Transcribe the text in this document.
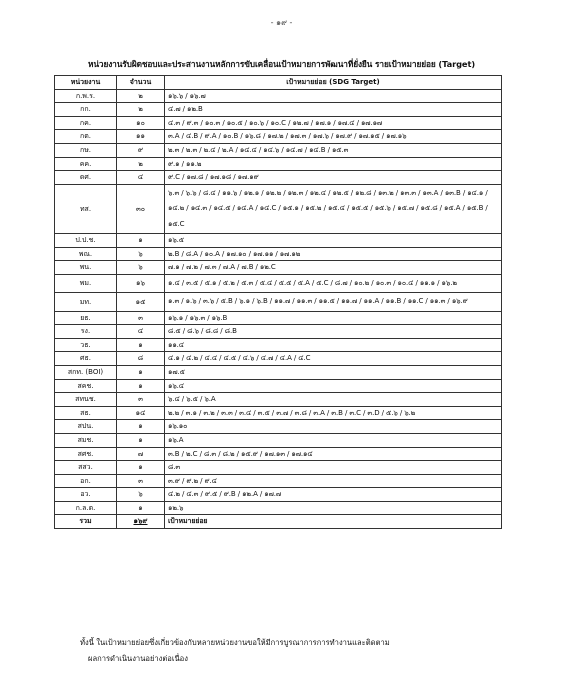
- ๑๙ -
หน่วยงานรับผิดชอบและประสานงานหลักการขับเคลื่อนเป้าหมายการพัฒนาที่ยั่งยืน รายเป้าหมายย่อย (Target)
หน่วยงาน	จำนวน	เป้าหมายย่อย (SDG Target)
ก.พ.ร.	๒	๑๖.๖ / ๑๖.๗
กก.	๒	๔.๗ / ๑๒.B
กค.	๑๐	๔.๓ / ๙.๓ / ๑๐.๓ / ๑๐.๕ / ๑๐.๖ / ๑๐.C / ๑๒.๗ / ๑๗.๑ / ๑๗.๔ / ๑๗.๑๗
กต.	๑๑	๓.A / ๔.B / ๙.A / ๑๐.B / ๑๖.๘ / ๑๗.๒ / ๑๗.๓ / ๑๗.๖ / ๑๗.๙ / ๑๗.๑๕ / ๑๗.๑๖
กษ.	๙	๒.๓ / ๒.๓ / ๒.๔ / ๒.A / ๑๔.๔ / ๑๔.๖ / ๑๔.๗ / ๑๔.B / ๑๕.๓
คค.	๒	๙.๑ / ๑๑.๒
ดศ.	๔	๙.C / ๑๗.๘ / ๑๗.๑๘ / ๑๗.๑๙
ทส.	๓๐	๖.๓ / ๖.๖ / ๘.๔ / ๑๑.๖ / ๑๒.๑ / ๑๒.๒ / ๑๒.๓ / ๑๒.๔ / ๑๒.๕ / ๑๒.๘ / ๑๓.๒ / ๑๓.๓ / ๑๓.A / ๑๓.B / ๑๔.๑ / ๑๔.๒ / ๑๔.๓ / ๑๔.๕ / ๑๔.A / ๑๔.C / ๑๕.๑ / ๑๕.๒ / ๑๕.๔ / ๑๕.๕ / ๑๕.๖ / ๑๕.๗ / ๑๕.๘ / ๑๕.A / ๑๕.B / ๑๕.C
ป.ป.ช.	๑	๑๖.๕
พณ.	๖	๒.B / ๘.A / ๑๐.A / ๑๗.๑๐ / ๑๗.๑๑ / ๑๗.๑๒
พน.	๖	๗.๑ / ๗.๒ / ๗.๓ / ๗.A / ๗.B / ๑๒.C
พม.	๑๖	๑.๔ / ๓.๕ / ๕.๑ / ๕.๒ / ๕.๓ / ๕.๔ / ๕.๕ / ๕.A / ๕.C / ๘.๗ / ๑๐.๒ / ๑๐.๓ / ๑๐.๔ / ๑๑.๑ / ๑๖.๒
มท.	๑๕	๑.๓ / ๑.๖ / ๓.๖ / ๕.B / ๖.๑ / ๖.B / ๑๑.๗ / ๑๑.๓ / ๑๑.๕ / ๑๑.๗ / ๑๑.A / ๑๑.B / ๑๑.C / ๑๑.๓ / ๑๖.๙
ยธ.	๓	๑๖.๑ / ๑๖.๓ / ๑๖.B
รง.	๔	๘.๕ / ๘.๖ / ๘.๘ / ๘.B
วธ.	๑	๑๑.๔
ศธ.	๘	๔.๑ / ๔.๒ / ๔.๔ / ๔.๕ / ๔.๖ / ๔.๗ / ๔.A / ๔.C
สกท. (BOI)	๑	๑๗.๕
สคช.	๑	๑๖.๔
สทนช.	๓	๖.๔ / ๖.๕ / ๖.A
สธ.	๑๔	๒.๒ / ๓.๑ / ๓.๒ / ๓.๓ / ๓.๔ / ๓.๕ / ๓.๗ / ๓.๘ / ๓.A / ๓.B / ๓.C / ๓.D / ๕.๖ / ๖.๒
สปน.	๑	๑๖.๑๐
สมช.	๑	๑๖.A
สศช.	๗	๓.B / ๒.C / ๘.๓ / ๘.๒ / ๑๕.๙ / ๑๗.๑๓ / ๑๗.๑๔
สสว.	๑	๘.๓
อก.	๓	๓.๙ / ๙.๒ / ๙.๔
อว.	๖	๔.๒ / ๔.๓ / ๙.๕ / ๙.B / ๑๒.A / ๑๗.๗
ก.ล.ต.	๑	๑๒.๖
รวม	๑๖๙	เป้าหมายย่อย

ทั้งนี้ ในเป้าหมายย่อยซึ่งเกี่ยวข้องกับหลายหน่วยงานขอให้มีการบูรณาการการทำงานและติดตาม

ผลการดำเนินงานอย่างต่อเนื่อง
